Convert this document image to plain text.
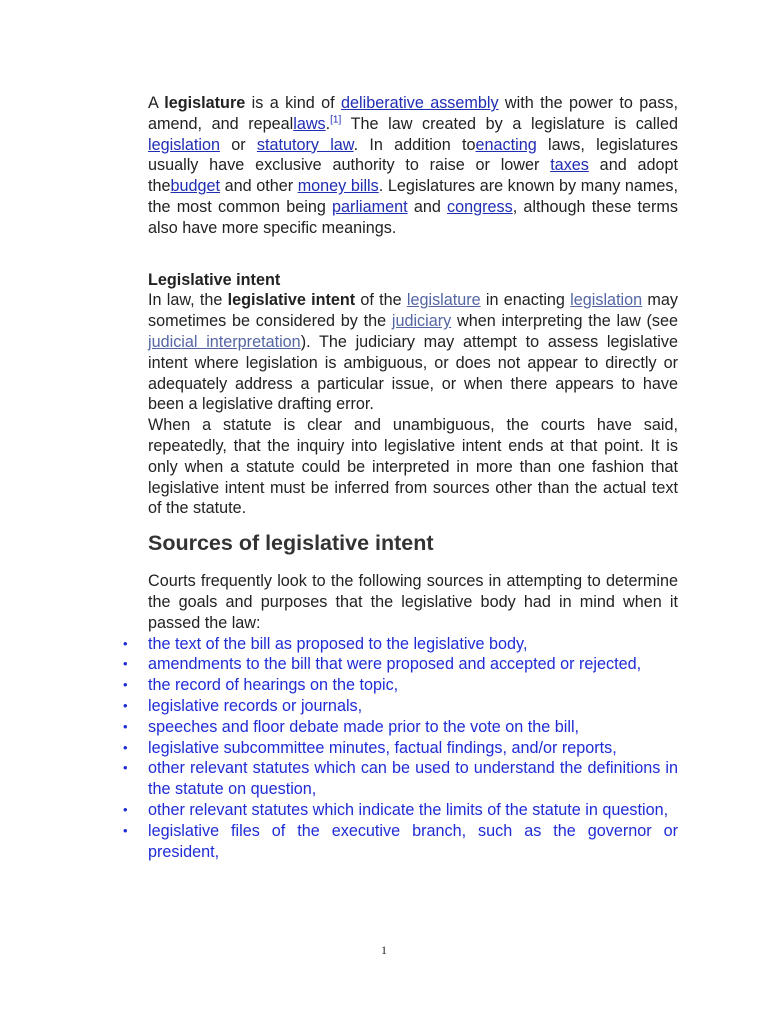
A legislature is a kind of deliberative assembly with the power to pass, amend, and repeallaws.[1] The law created by a legislature is called legislation or statutory law. In addition toenacting laws, legislatures usually have exclusive authority to raise or lower taxes and adopt thebudget and other money bills. Legislatures are known by many names, the most common being parliament and congress, although these terms also have more specific meanings.

Legislative intent

In law, the legislative intent of the legislature in enacting legislation may sometimes be considered by the judiciary when interpreting the law (see judicial interpretation). The judiciary may attempt to assess legislative intent where legislation is ambiguous, or does not appear to directly or adequately address a particular issue, or when there appears to have been a legislative drafting error.

When a statute is clear and unambiguous, the courts have said, repeatedly, that the inquiry into legislative intent ends at that point. It is only when a statute could be interpreted in more than one fashion that legislative intent must be inferred from sources other than the actual text of the statute.

Sources of legislative intent

Courts frequently look to the following sources in attempting to determine the goals and purposes that the legislative body had in mind when it passed the law:

• the text of the bill as proposed to the legislative body,
• amendments to the bill that were proposed and accepted or rejected,
• the record of hearings on the topic,
• legislative records or journals,
• speeches and floor debate made prior to the vote on the bill,
• legislative subcommittee minutes, factual findings, and/or reports,
• other relevant statutes which can be used to understand the definitions in the statute on question,
• other relevant statutes which indicate the limits of the statute in question,
• legislative files of the executive branch, such as the governor or president,
1
